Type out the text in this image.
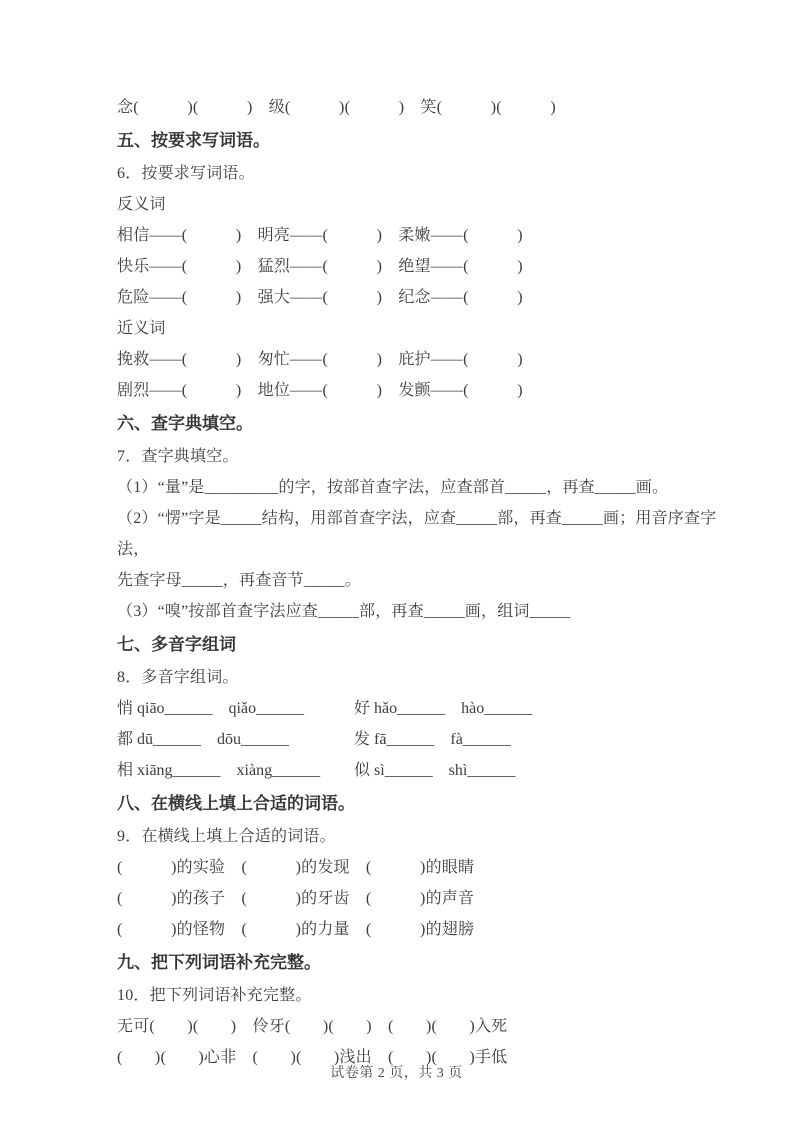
念(　　　)(　　　)　级(　　　)(　　　)　笑(　　　)(　　　)
五、按要求写词语。
6．按要求写词语。
反义词
相信——(　　　)　明亮——(　　　)　柔嫩——(　　　)
快乐——(　　　)　猛烈——(　　　)　绝望——(　　　)
危险——(　　　)　强大——(　　　)　纪念——(　　　)
近义词
挽救——(　　　)　匆忙——(　　　)　庇护——(　　　)
剧烈——(　　　)　地位——(　　　)　发颤——(　　　)
六、查字典填空。
7．查字典填空。
（1）“量”是_________的字，按部首查字法，应查部首_____，再查_____画。
（2）“愣”字是_____结构，用部首查字法，应查_____部，再查_____画；用音序查字法，
先查字母_____，再查音节_____。
（3）“嗅”按部首查字法应查_____部，再查_____画，组词_____
七、多音字组词
8．多音字组词。
悄 qiāo______　qiǎo______	好 hǎo______　hào______
都 dū______　dōu______	发 fā______　fà______
相 xiāng______　xiàng______	似 sì______　shì______
八、在横线上填上合适的词语。
9．在横线上填上合适的词语。
(　　　)的实验　(　　　)的发现　(　　　)的眼睛
(　　　)的孩子　(　　　)的牙齿　(　　　)的声音
(　　　)的怪物　(　　　)的力量　(　　　)的翅膀
九、把下列词语补充完整。
10．把下列词语补充完整。
无可(　　)(　　)　伶牙(　　)(　　)　(　　)(　　)入死
(　　)(　　)心非　(　　)(　　)浅出　(　　)(　　)手低
试卷第 2 页，共 3 页
